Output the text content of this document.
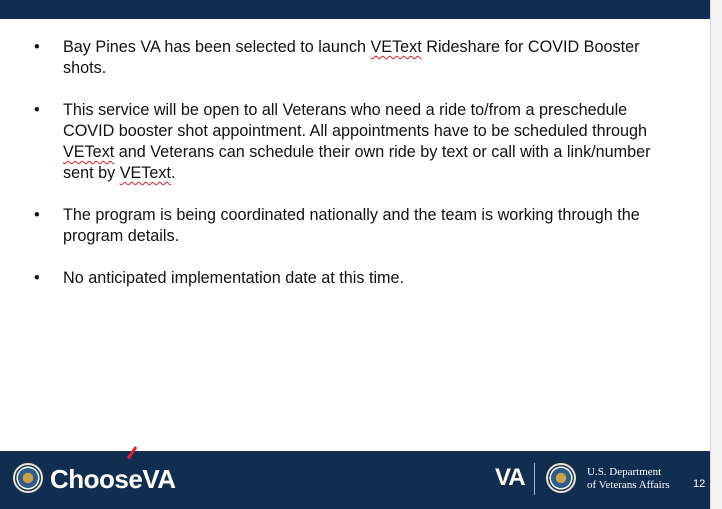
• Bay Pines VA has been selected to launch VEText Rideshare for COVID Booster shots.
• This service will be open to all Veterans who need a ride to/from a preschedule COVID booster shot appointment. All appointments have to be scheduled through VEText and Veterans can schedule their own ride by text or call with a link/number sent by VEText.
• The program is being coordinated nationally and the team is working through the program details.
• No anticipated implementation date at this time.
ChooseVA	VA	U.S. Department
of Veterans Affairs 12
